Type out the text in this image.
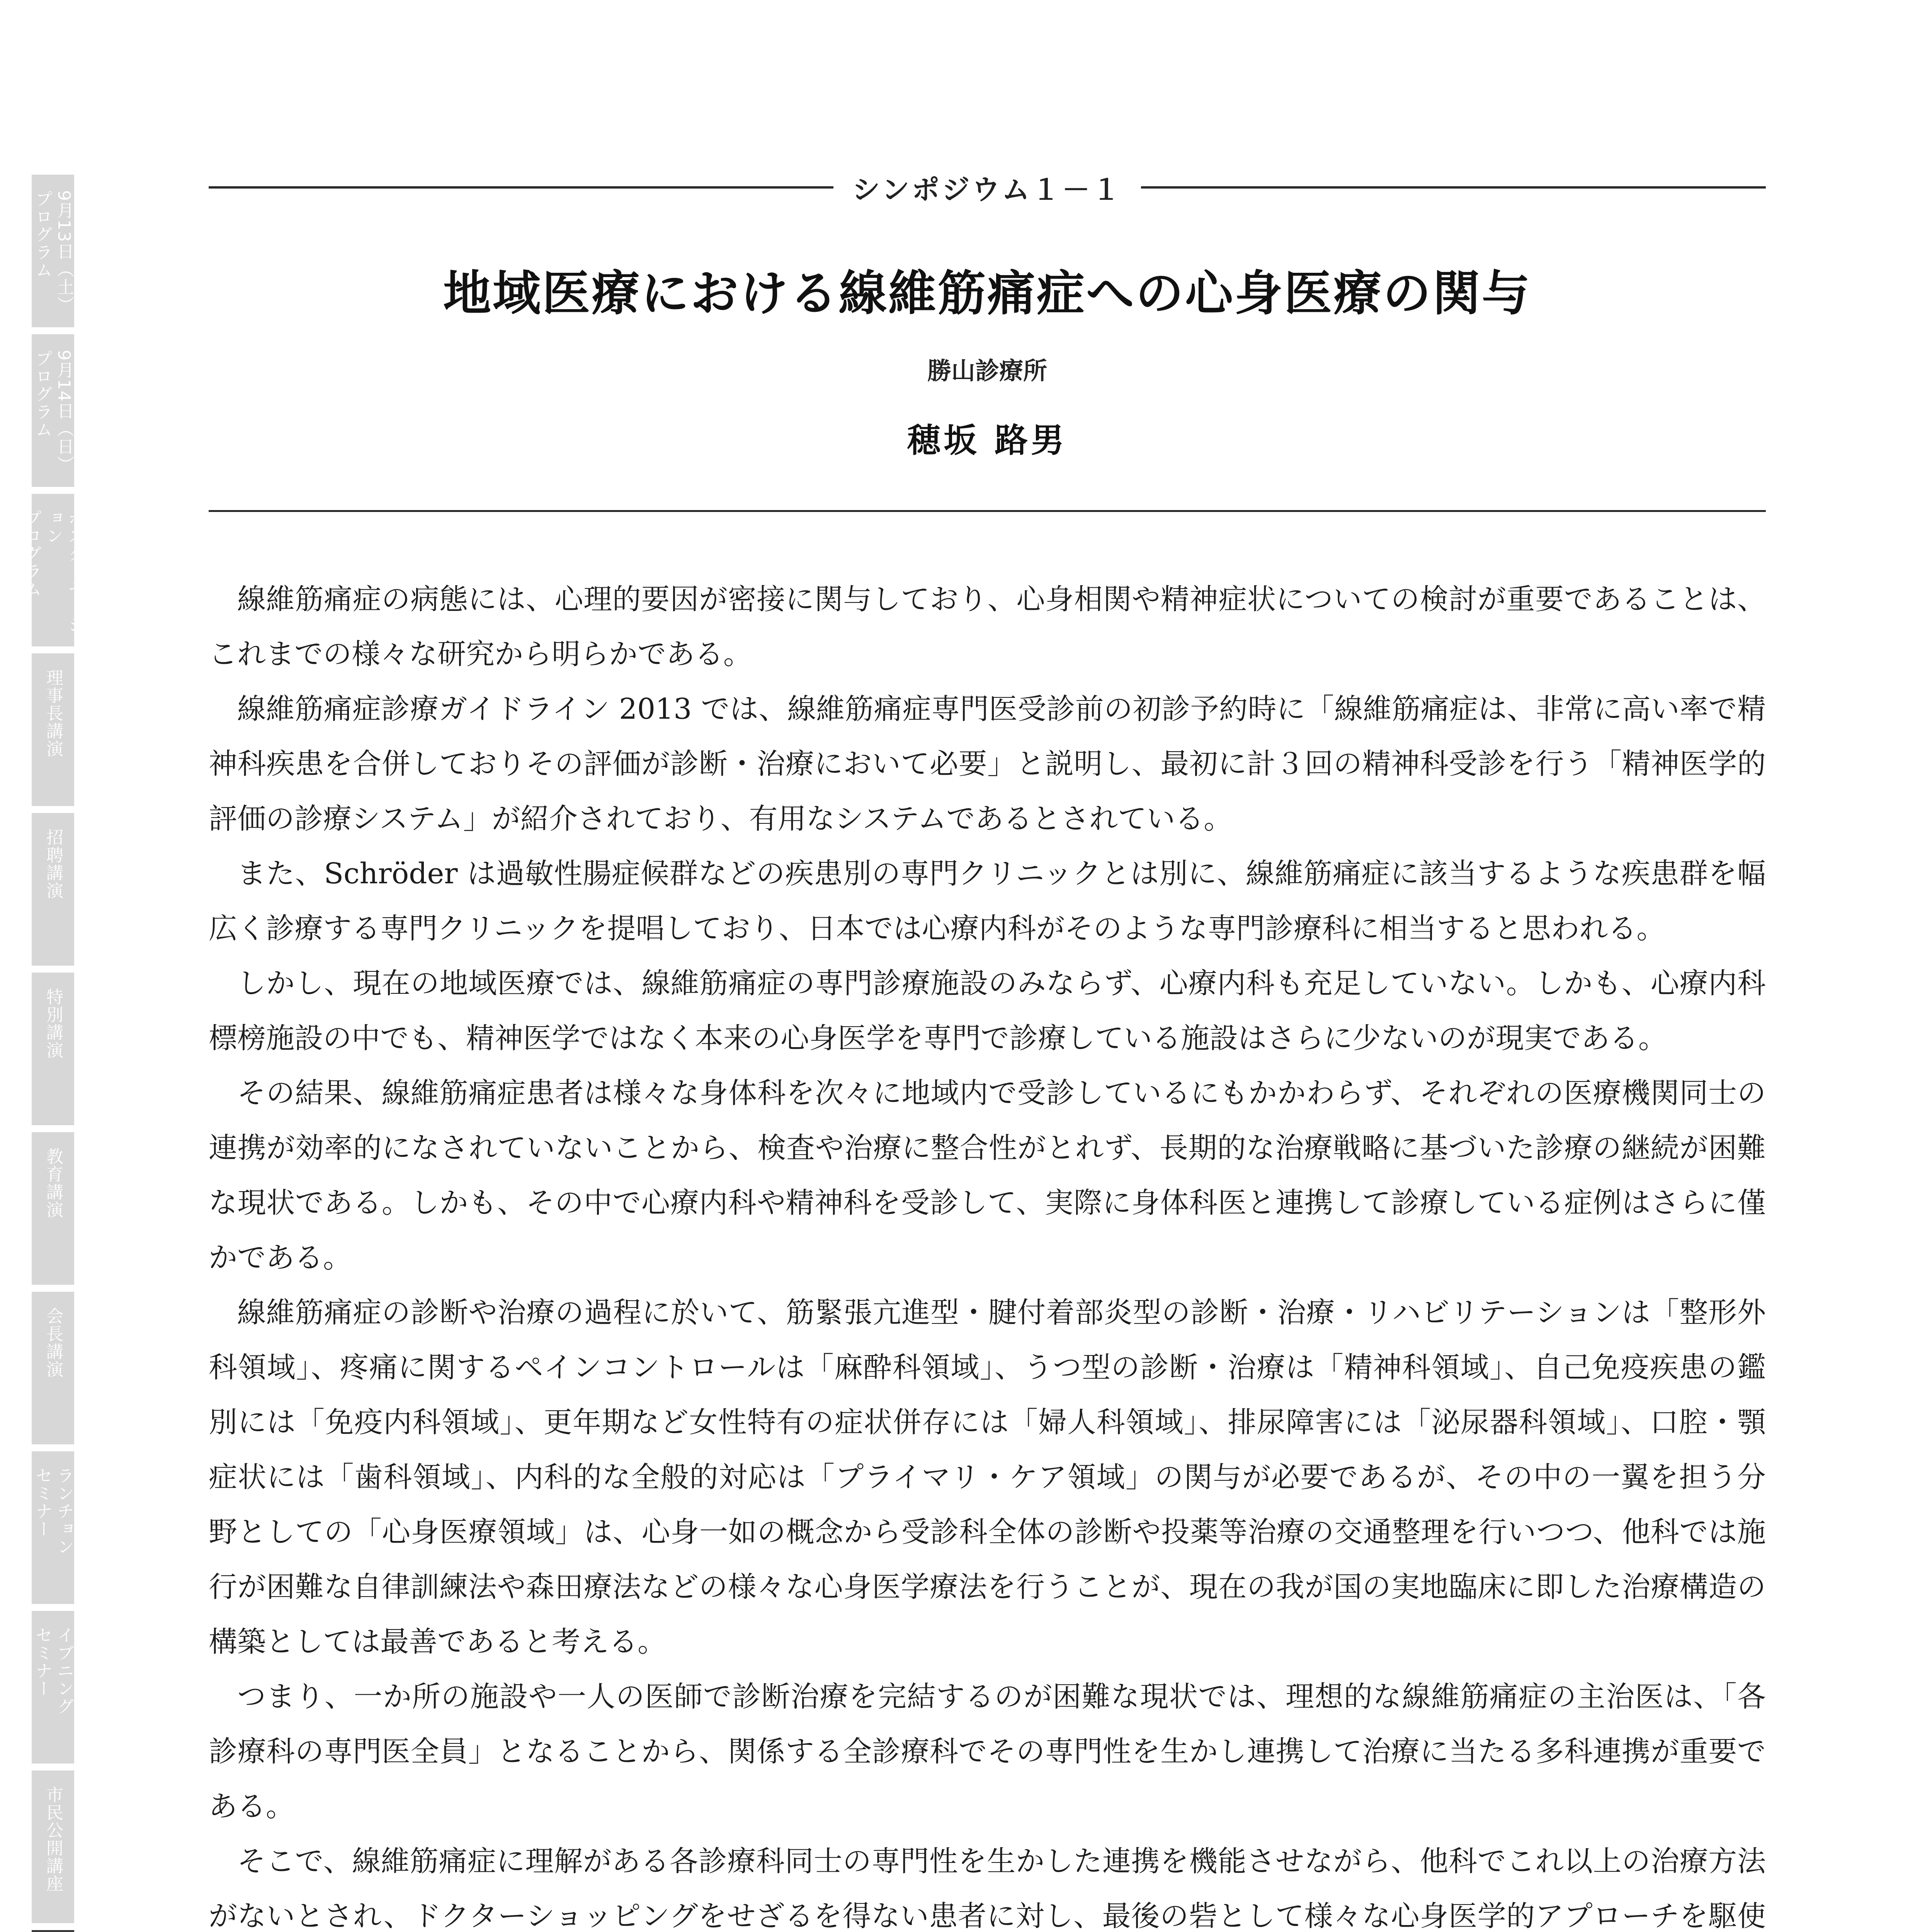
9月13日（土）
プログラム
9月14日（日）
プログラム
ポスターセッション
プログラム
理事長講演
招聘講演
特別講演
教育講演
会長講演
ランチョン
セミナー
イブニング
セミナー
市民公開講座
シンポジウム１－１
地域医療における線維筋痛症への心身医療の関与
勝山診療所
穂坂 路男

線維筋痛症の病態には、心理的要因が密接に関与しており、心身相関や精神症状についての検討が重要であることは、これまでの様々な研究から明らかである。

線維筋痛症診療ガイドライン 2013 では、線維筋痛症専門医受診前の初診予約時に「線維筋痛症は、非常に高い率で精神科疾患を合併しておりその評価が診断・治療において必要」と説明し、最初に計３回の精神科受診を行う「精神医学的評価の診療システム」が紹介されており、有用なシステムであるとされている。

また、Schröder は過敏性腸症候群などの疾患別の専門クリニックとは別に、線維筋痛症に該当するような疾患群を幅広く診療する専門クリニックを提唱しており、日本では心療内科がそのような専門診療科に相当すると思われる。

しかし、現在の地域医療では、線維筋痛症の専門診療施設のみならず、心療内科も充足していない。しかも、心療内科標榜施設の中でも、精神医学ではなく本来の心身医学を専門で診療している施設はさらに少ないのが現実である。

その結果、線維筋痛症患者は様々な身体科を次々に地域内で受診しているにもかかわらず、それぞれの医療機関同士の連携が効率的になされていないことから、検査や治療に整合性がとれず、長期的な治療戦略に基づいた診療の継続が困難な現状である。しかも、その中で心療内科や精神科を受診して、実際に身体科医と連携して診療している症例はさらに僅かである。

線維筋痛症の診断や治療の過程に於いて、筋緊張亢進型・腱付着部炎型の診断・治療・リハビリテーションは「整形外科領域」、疼痛に関するペインコントロールは「麻酔科領域」、うつ型の診断・治療は「精神科領域」、自己免疫疾患の鑑別には「免疫内科領域」、更年期など女性特有の症状併存には「婦人科領域」、排尿障害には「泌尿器科領域」、口腔・顎症状には「歯科領域」、内科的な全般的対応は「プライマリ・ケア領域」の関与が必要であるが、その中の一翼を担う分野としての「心身医療領域」は、心身一如の概念から受診科全体の診断や投薬等治療の交通整理を行いつつ、他科では施行が困難な自律訓練法や森田療法などの様々な心身医学療法を行うことが、現在の我が国の実地臨床に即した治療構造の構築としては最善であると考える。

つまり、一か所の施設や一人の医師で診断治療を完結するのが困難な現状では、理想的な線維筋痛症の主治医は、「各診療科の専門医全員」となることから、関係する全診療科でその専門性を生かし連携して治療に当たる多科連携が重要である。

そこで、線維筋痛症に理解がある各診療科同士の専門性を生かした連携を機能させながら、他科でこれ以上の治療方法がないとされ、ドクターショッピングをせざるを得ない患者に対し、最後の砦として様々な心身医学的アプローチを駆使
